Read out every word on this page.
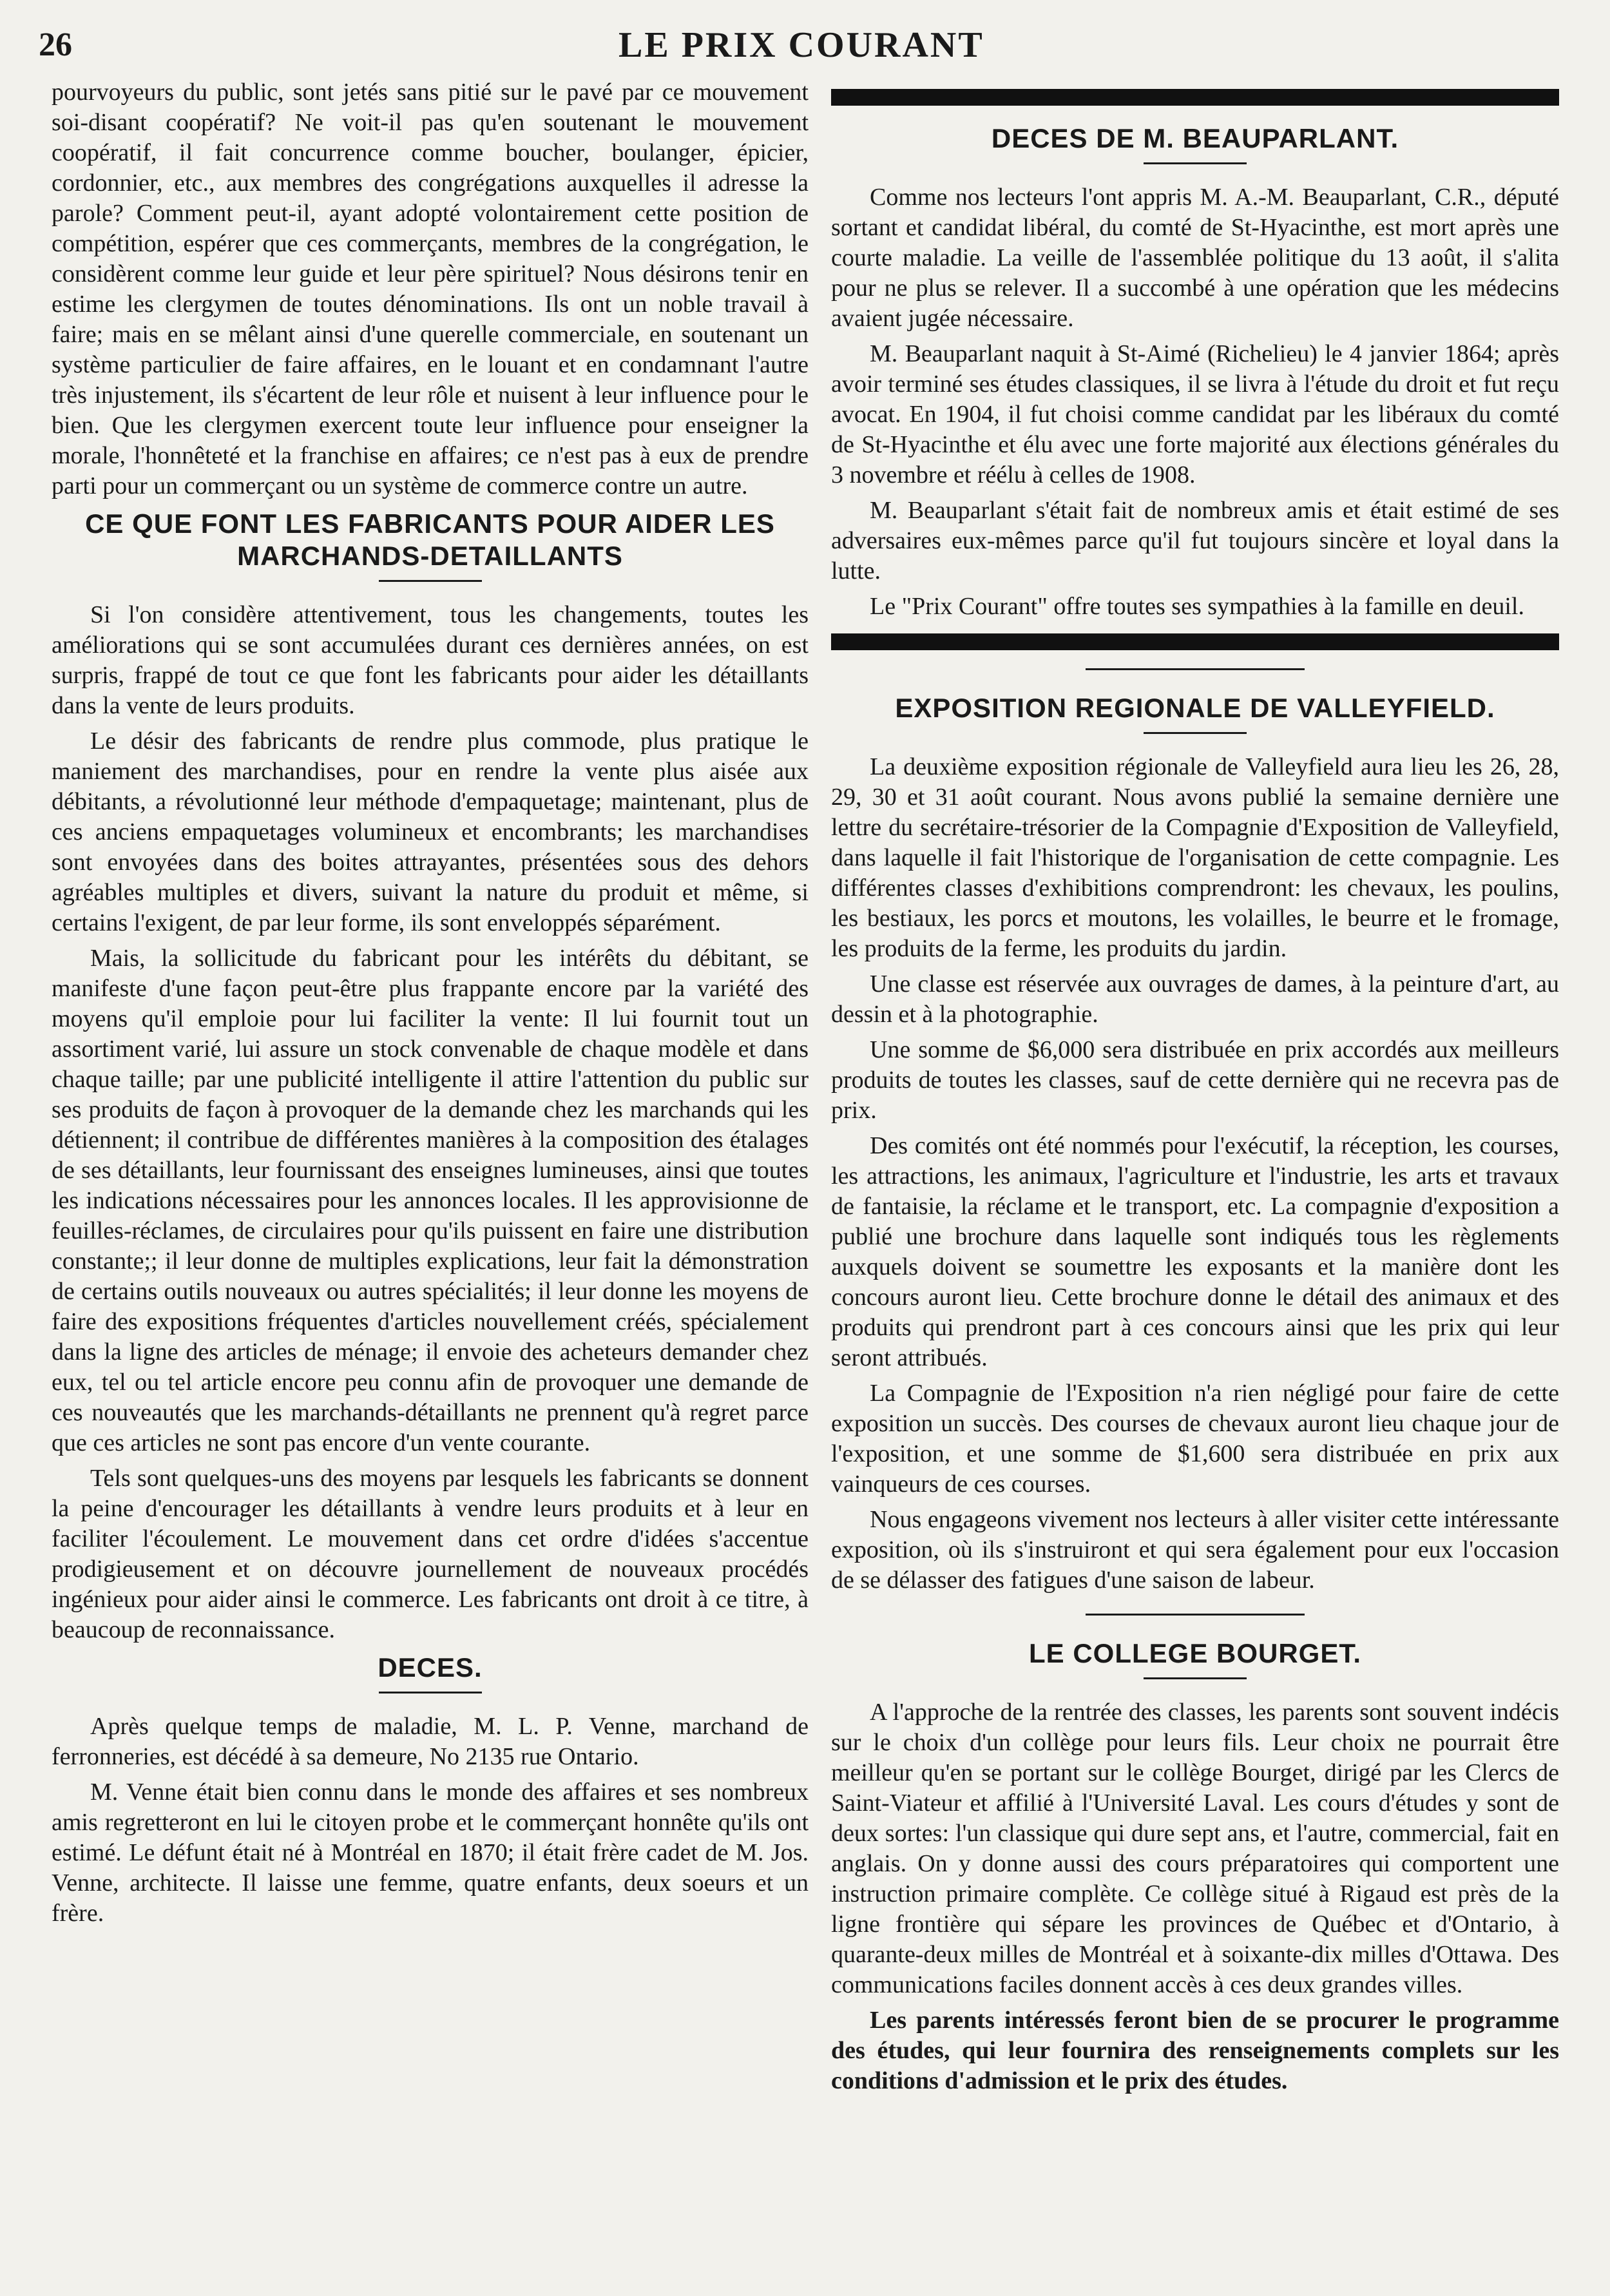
26	LE PRIX COURANT

pourvoyeurs du public, sont jetés sans pitié sur le pavé par ce mouvement soi-disant coopératif? Ne voit-il pas qu'en soutenant le mouvement coopératif, il fait concurrence comme boucher, boulanger, épicier, cordonnier, etc., aux membres des congrégations auxquelles il adresse la parole? Comment peut-il, ayant adopté volontairement cette position de compétition, espérer que ces commerçants, membres de la congrégation, le considèrent comme leur guide et leur père spirituel? Nous désirons tenir en estime les clergymen de toutes dénominations. Ils ont un noble travail à faire; mais en se mêlant ainsi d'une querelle commerciale, en soutenant un système particulier de faire affaires, en le louant et en condamnant l'autre très injustement, ils s'écartent de leur rôle et nuisent à leur influence pour le bien. Que les clergymen exercent toute leur influence pour enseigner la morale, l'honnêteté et la franchise en affaires; ce n'est pas à eux de prendre parti pour un commerçant ou un système de commerce contre un autre.

CE QUE FONT LES FABRICANTS POUR AIDER LES MARCHANDS-DETAILLANTS

Si l'on considère attentivement, tous les changements, toutes les améliorations qui se sont accumulées durant ces dernières années, on est surpris, frappé de tout ce que font les fabricants pour aider les détaillants dans la vente de leurs produits.

Le désir des fabricants de rendre plus commode, plus pratique le maniement des marchandises, pour en rendre la vente plus aisée aux débitants, a révolutionné leur méthode d'empaquetage; maintenant, plus de ces anciens empaquetages volumineux et encombrants; les marchandises sont envoyées dans des boites attrayantes, présentées sous des dehors agréables multiples et divers, suivant la nature du produit et même, si certains l'exigent, de par leur forme, ils sont enveloppés séparément.

Mais, la sollicitude du fabricant pour les intérêts du débitant, se manifeste d'une façon peut-être plus frappante encore par la variété des moyens qu'il emploie pour lui faciliter la vente: Il lui fournit tout un assortiment varié, lui assure un stock convenable de chaque modèle et dans chaque taille; par une publicité intelligente il attire l'attention du public sur ses produits de façon à provoquer de la demande chez les marchands qui les détiennent; il contribue de différentes manières à la composition des étalages de ses détaillants, leur fournissant des enseignes lumineuses, ainsi que toutes les indications nécessaires pour les annonces locales. Il les approvisionne de feuilles-réclames, de circulaires pour qu'ils puissent en faire une distribution constante;; il leur donne de multiples explications, leur fait la démonstration de certains outils nouveaux ou autres spécialités; il leur donne les moyens de faire des expositions fréquentes d'articles nouvellement créés, spécialement dans la ligne des articles de ménage; il envoie des acheteurs demander chez eux, tel ou tel article encore peu connu afin de provoquer une demande de ces nouveautés que les marchands-détaillants ne prennent qu'à regret parce que ces articles ne sont pas encore d'un vente courante.

Tels sont quelques-uns des moyens par lesquels les fabricants se donnent la peine d'encourager les détaillants à vendre leurs produits et à leur en faciliter l'écoulement. Le mouvement dans cet ordre d'idées s'accentue prodigieusement et on découvre journellement de nouveaux procédés ingénieux pour aider ainsi le commerce. Les fabricants ont droit à ce titre, à beaucoup de reconnaissance.

DECES.

Après quelque temps de maladie, M. L. P. Venne, marchand de ferronneries, est décédé à sa demeure, No 2135 rue Ontario.

M. Venne était bien connu dans le monde des affaires et ses nombreux amis regretteront en lui le citoyen probe et le commerçant honnête qu'ils ont estimé. Le défunt était né à Montréal en 1870; il était frère cadet de M. Jos. Venne, architecte. Il laisse une femme, quatre enfants, deux soeurs et un frère.

DECES DE M. BEAUPARLANT.

Comme nos lecteurs l'ont appris M. A.-M. Beauparlant, C.R., député sortant et candidat libéral, du comté de St-Hyacinthe, est mort après une courte maladie. La veille de l'assemblée politique du 13 août, il s'alita pour ne plus se relever. Il a succombé à une opération que les médecins avaient jugée nécessaire.

M. Beauparlant naquit à St-Aimé (Richelieu) le 4 janvier 1864; après avoir terminé ses études classiques, il se livra à l'étude du droit et fut reçu avocat. En 1904, il fut choisi comme candidat par les libéraux du comté de St-Hyacinthe et élu avec une forte majorité aux élections générales du 3 novembre et réélu à celles de 1908.

M. Beauparlant s'était fait de nombreux amis et était estimé de ses adversaires eux-mêmes parce qu'il fut toujours sincère et loyal dans la lutte.

Le "Prix Courant" offre toutes ses sympathies à la famille en deuil.

EXPOSITION REGIONALE DE VALLEYFIELD.

La deuxième exposition régionale de Valleyfield aura lieu les 26, 28, 29, 30 et 31 août courant. Nous avons publié la semaine dernière une lettre du secrétaire-trésorier de la Compagnie d'Exposition de Valleyfield, dans laquelle il fait l'historique de l'organisation de cette compagnie. Les différentes classes d'exhibitions comprendront: les chevaux, les poulins, les bestiaux, les porcs et moutons, les volailles, le beurre et le fromage, les produits de la ferme, les produits du jardin.

Une classe est réservée aux ouvrages de dames, à la peinture d'art, au dessin et à la photographie.

Une somme de $6,000 sera distribuée en prix accordés aux meilleurs produits de toutes les classes, sauf de cette dernière qui ne recevra pas de prix.

Des comités ont été nommés pour l'exécutif, la réception, les courses, les attractions, les animaux, l'agriculture et l'industrie, les arts et travaux de fantaisie, la réclame et le transport, etc. La compagnie d'exposition a publié une brochure dans laquelle sont indiqués tous les règlements auxquels doivent se soumettre les exposants et la manière dont les concours auront lieu. Cette brochure donne le détail des animaux et des produits qui prendront part à ces concours ainsi que les prix qui leur seront attribués.

La Compagnie de l'Exposition n'a rien négligé pour faire de cette exposition un succès. Des courses de chevaux auront lieu chaque jour de l'exposition, et une somme de $1,600 sera distribuée en prix aux vainqueurs de ces courses.

Nous engageons vivement nos lecteurs à aller visiter cette intéressante exposition, où ils s'instruiront et qui sera également pour eux l'occasion de se délasser des fatigues d'une saison de labeur.

LE COLLEGE BOURGET.

A l'approche de la rentrée des classes, les parents sont souvent indécis sur le choix d'un collège pour leurs fils. Leur choix ne pourrait être meilleur qu'en se portant sur le collège Bourget, dirigé par les Clercs de Saint-Viateur et affilié à l'Université Laval. Les cours d'études y sont de deux sortes: l'un classique qui dure sept ans, et l'autre, commercial, fait en anglais. On y donne aussi des cours préparatoires qui comportent une instruction primaire complète. Ce collège situé à Rigaud est près de la ligne frontière qui sépare les provinces de Québec et d'Ontario, à quarante-deux milles de Montréal et à soixante-dix milles d'Ottawa. Des communications faciles donnent accès à ces deux grandes villes.

Les parents intéressés feront bien de se procurer le programme des études, qui leur fournira des renseignements complets sur les conditions d'admission et le prix des études.
